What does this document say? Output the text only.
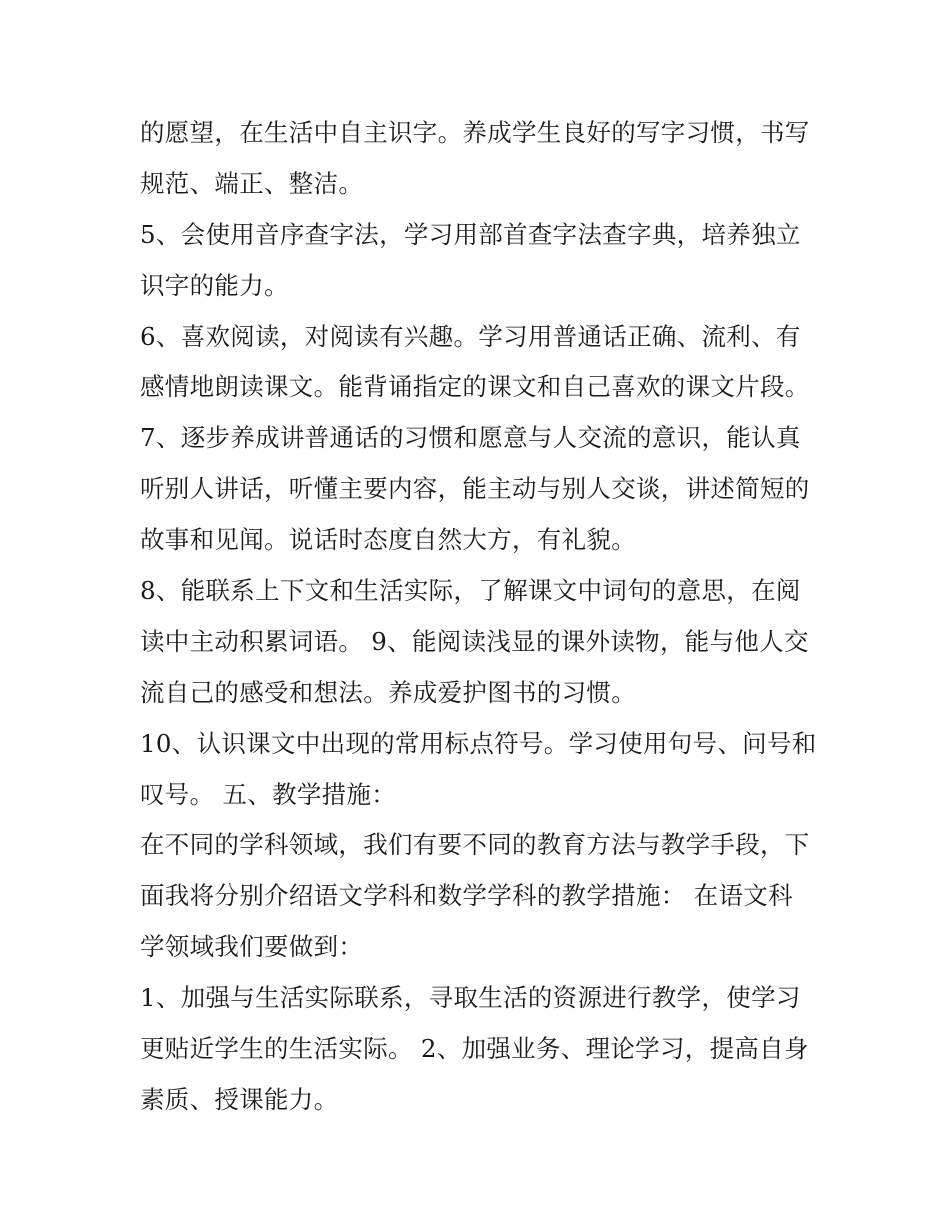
的愿望，在生活中自主识字。养成学生良好的写字习惯，书写
规范、端正、整洁。
5、会使用音序查字法，学习用部首查字法查字典，培养独立
识字的能力。
6、喜欢阅读，对阅读有兴趣。学习用普通话正确、流利、有
感情地朗读课文。能背诵指定的课文和自己喜欢的课文片段。
7、逐步养成讲普通话的习惯和愿意与人交流的意识，能认真
听别人讲话，听懂主要内容，能主动与别人交谈，讲述简短的
故事和见闻。说话时态度自然大方，有礼貌。
8、能联系上下文和生活实际，了解课文中词句的意思，在阅
读中主动积累词语。 9、能阅读浅显的课外读物，能与他人交
流自己的感受和想法。养成爱护图书的习惯。
10、认识课文中出现的常用标点符号。学习使用句号、问号和
叹号。 五、教学措施：
在不同的学科领域，我们有要不同的教育方法与教学手段，下
面我将分别介绍语文学科和数学学科的教学措施： 在语文科
学领域我们要做到：
1、加强与生活实际联系，寻取生活的资源进行教学，使学习
更贴近学生的生活实际。 2、加强业务、理论学习，提高自身
素质、授课能力。
